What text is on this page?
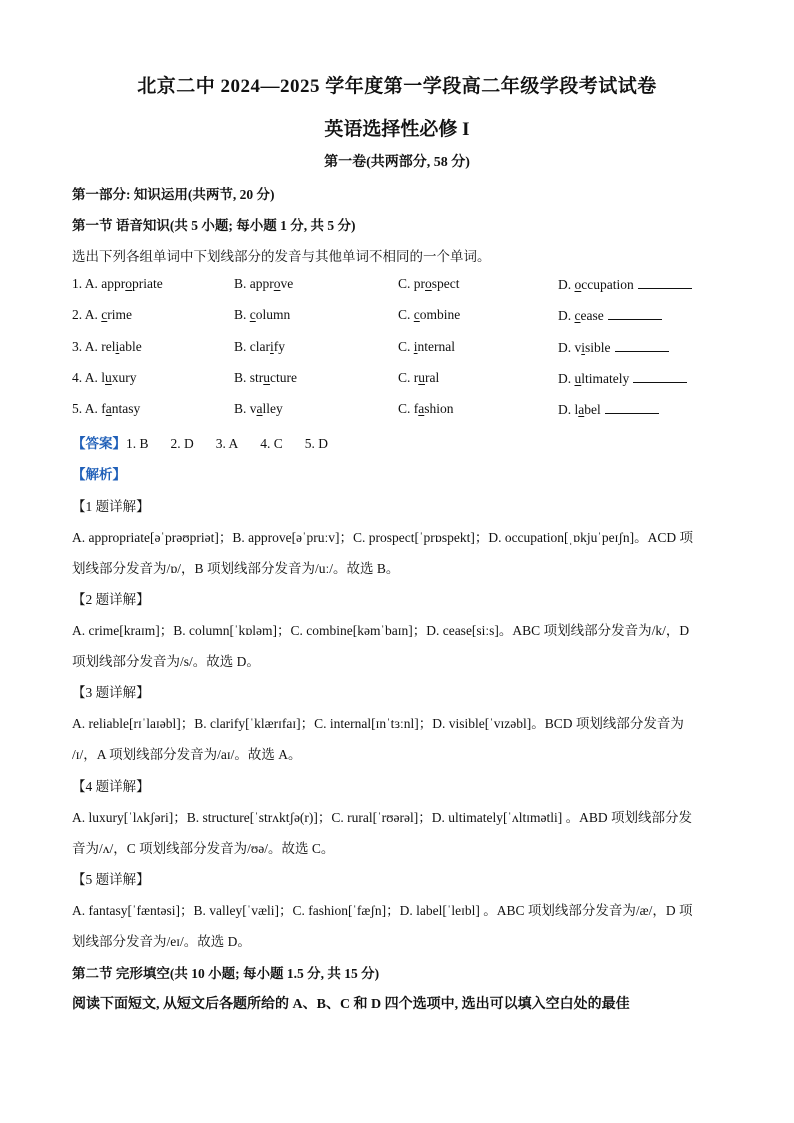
北京二中 2024—2025 学年度第一学段高二年级学段考试试卷
英语选择性必修 I
第一卷(共两部分, 58 分)
第一部分: 知识运用(共两节, 20 分)
第一节 语音知识(共 5 小题; 每小题 1 分, 共 5 分)
选出下列各组单词中下划线部分的发音与其他单词不相同的一个单词。
1. A. appropriate	B. approve	C. prospect	D. occupation
2. A. crime	B. column	C. combine	D. cease
3. A. reliable	B. clarify	C. internal	D. visible
4. A. luxury	B. structure	C. rural	D. ultimately
5. A. fantasy	B. valley	C. fashion	D. label
【答案】1. B 2. D 3. A 4. C 5. D
【解析】
【1 题详解】
A. appropriate[əˈprəʊpriət]；B. approve[əˈpruːv]；C. prospect[ˈprɒspekt]；D. occupation[ˌɒkjuˈpeɪʃn]。ACD 项
划线部分发音为/ɒ/，B 项划线部分发音为/uː/。故选 B。
【2 题详解】
A. crime[kraɪm]；B. column[ˈkɒləm]；C. combine[kəmˈbaɪn]；D. cease[siːs]。ABC 项划线部分发音为/k/，D
项划线部分发音为/s/。故选 D。
【3 题详解】
A. reliable[rɪˈlaɪəbl]；B. clarify[ˈklærɪfaɪ]；C. internal[ɪnˈtɜːnl]；D. visible[ˈvɪzəbl]。BCD 项划线部分发音为
/ɪ/，A 项划线部分发音为/aɪ/。故选 A。
【4 题详解】
A. luxury[ˈlʌkʃəri]；B. structure[ˈstrʌktʃə(r)]；C. rural[ˈrʊərəl]；D. ultimately[ˈʌltɪmətli] 。ABD 项划线部分发
音为/ʌ/，C 项划线部分发音为/ʊə/。故选 C。
【5 题详解】
A. fantasy[ˈfæntəsi]；B. valley[ˈvæli]；C. fashion[ˈfæʃn]；D. label[ˈleɪbl] 。ABC 项划线部分发音为/æ/，D 项
划线部分发音为/eɪ/。故选 D。
第二节 完形填空(共 10 小题; 每小题 1.5 分, 共 15 分)
阅读下面短文, 从短文后各题所给的 A、B、C 和 D 四个选项中, 选出可以填入空白处的最佳
